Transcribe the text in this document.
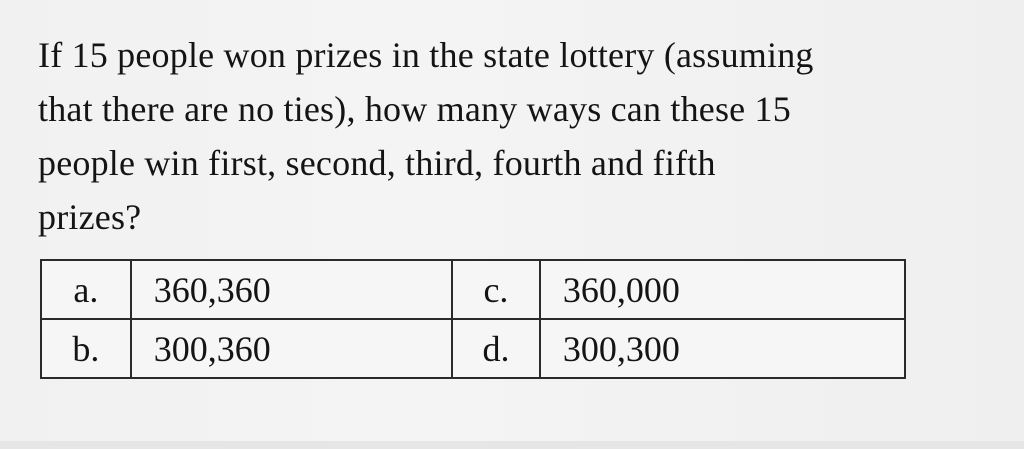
If 15 people won prizes in the state lottery (assuming
that there are no ties), how many ways can these 15
people win first, second, third, fourth and fifth
prizes?
a.	360,360	c.	360,000
b.	300,360	d.	300,300
